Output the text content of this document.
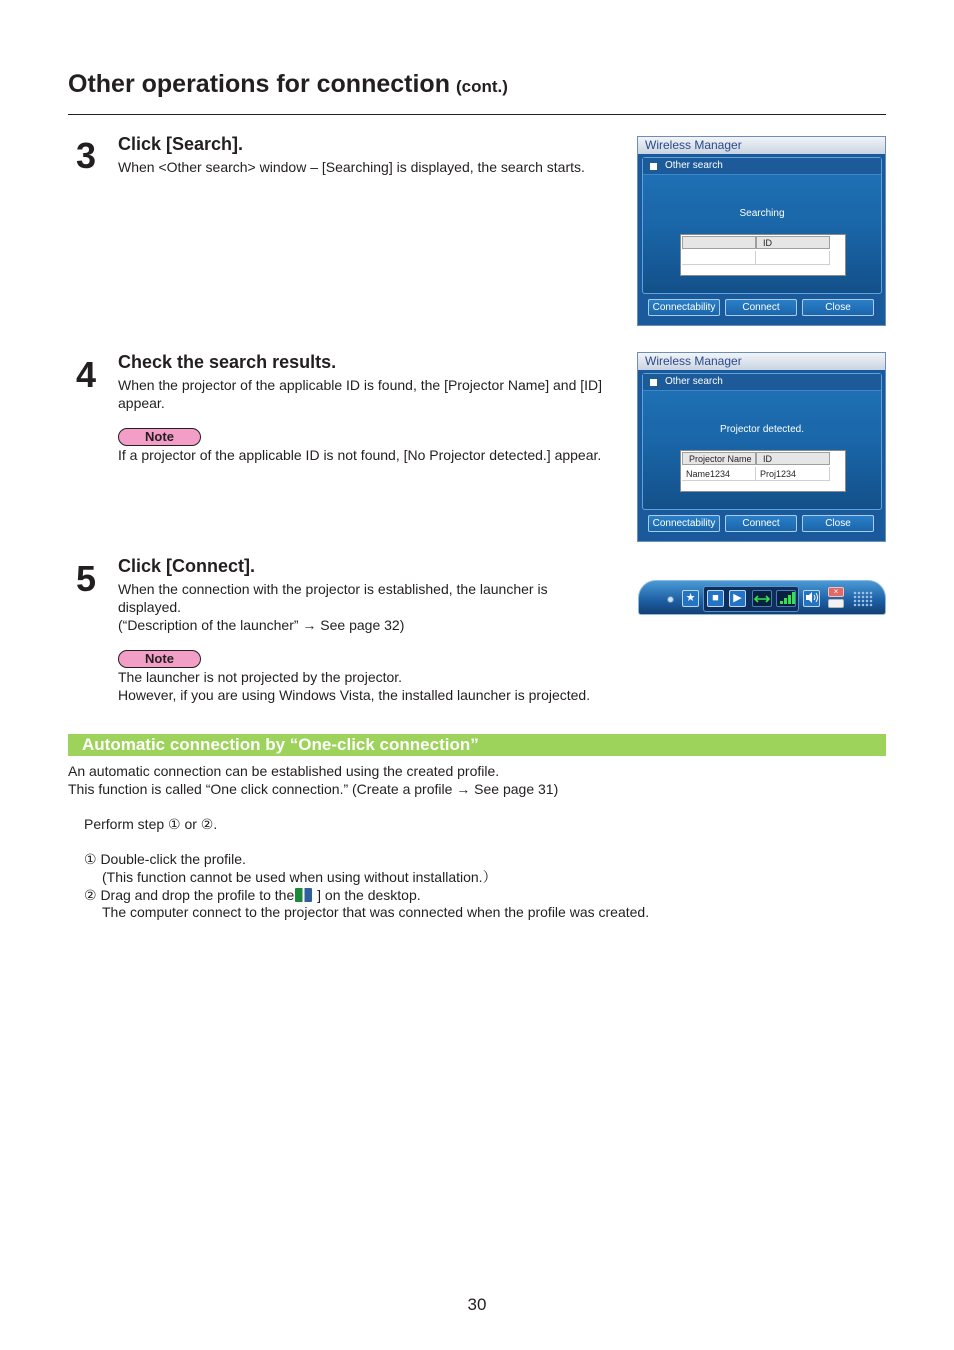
Other operations for connection (cont.)
3 Click [Search].

When <Other search> window – [Searching] is displayed, the search starts.

Wireless Manager
Other search
Searching
ID
Connectability	Connect	Close
4 Check the search results.

When the projector of the applicable ID is found, the [Projector Name] and [ID]

appear.

Note

If a projector of the applicable ID is not found, [No Projector detected.] appear.

Wireless Manager
Other search
Projector detected.
Projector Name	ID
Name1234	Proj1234
Connectability	Connect	Close
5 Click [Connect].

When the connection with the projector is established, the launcher is

displayed.

(“Description of the launcher” → See page 32)

Note

The launcher is not projected by the projector.

However, if you are using Windows Vista, the installed launcher is projected.

★	■	▶
×
Automatic connection by “One-click connection”

An automatic connection can be established using the created profile.

This function is called “One click connection.” (Create a profile → See page 31)

Perform step ① or ②.
① Double-click the profile.
(This function cannot be used when using without installation.）
② Drag and drop the profile to the ] on the desktop.
The computer connect to the projector that was connected when the profile was created.
30
